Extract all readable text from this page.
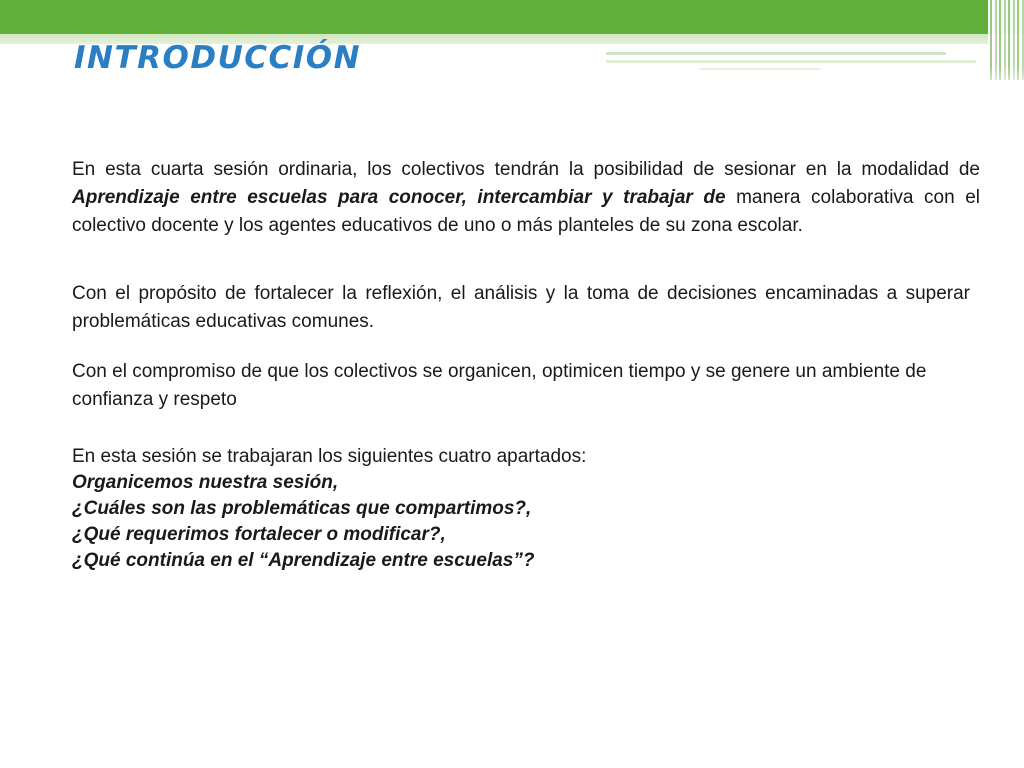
INTRODUCCIÓN

En esta cuarta sesión ordinaria, los colectivos tendrán la posibilidad de sesionar en la modalidad de Aprendizaje entre escuelas para conocer, intercambiar y trabajar de manera colaborativa con el colectivo docente y los agentes educativos de uno o más planteles de su zona escolar.

Con el propósito de fortalecer la reflexión, el análisis y la toma de decisiones encaminadas a superar problemáticas educativas comunes.

Con el compromiso de que los colectivos se organicen, optimicen tiempo y se genere un ambiente de confianza y respeto

En esta sesión se trabajaran los siguientes cuatro apartados:
Organicemos nuestra sesión,
¿Cuáles son las problemáticas que compartimos?,
¿Qué requerimos fortalecer o modificar?,
¿Qué continúa en el “Aprendizaje entre escuelas”?
